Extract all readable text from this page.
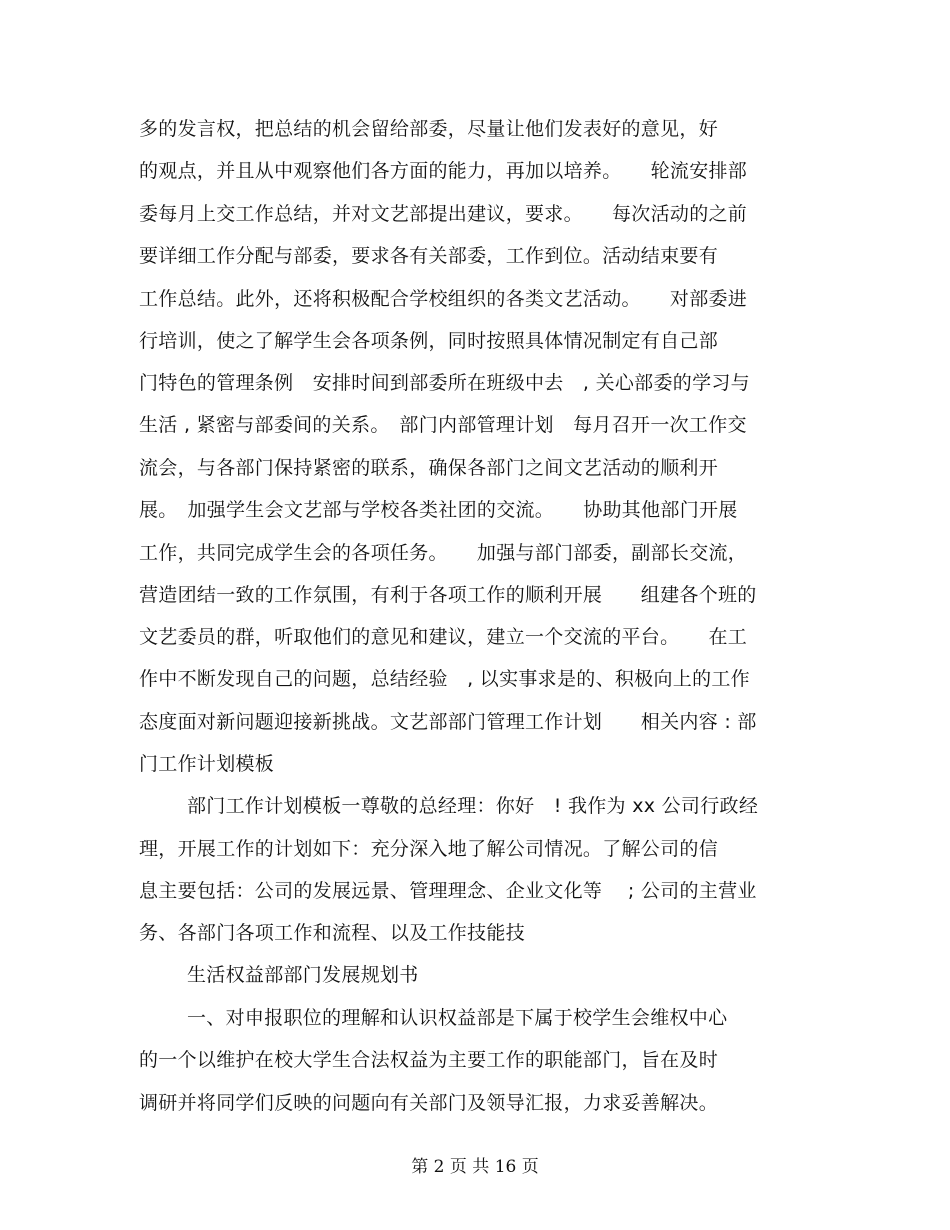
多的发言权，把总结的机会留给部委，尽量让他们发表好的意见，好
的观点，并且从中观察他们各方面的能力，再加以培养。　　轮流安排部
委每月上交工作总结，并对文艺部提出建议，要求。　　每次活动的之前
要详细工作分配与部委，要求各有关部委，工作到位。活动结束要有
工作总结。此外，还将积极配合学校组织的各类文艺活动。　　对部委进
行培训，使之了解学生会各项条例，同时按照具体情况制定有自己部
门特色的管理条例　安排时间到部委所在班级中去　, 关心部委的学习与
生活 , 紧密与部委间的关系。　部门内部管理计划　每月召开一次工作交
流会，与各部门保持紧密的联系，确保各部门之间文艺活动的顺利开
展。　加强学生会文艺部与学校各类社团的交流。　　协助其他部门开展
工作，共同完成学生会的各项任务。　　加强与部门部委，副部长交流，
营造团结一致的工作氛围，有利于各项工作的顺利开展　　组建各个班的
文艺委员的群，听取他们的意见和建议，建立一个交流的平台。　　在工
作中不断发现自己的问题，总结经验　, 以实事求是的、积极向上的工作
态度面对新问题迎接新挑战。文艺部部门管理工作计划　　相关内容 : 部
门工作计划模板
部门工作计划模板一尊敬的总经理：你好　! 我作为 xx 公司行政经
理，开展工作的计划如下：充分深入地了解公司情况。了解公司的信
息主要包括：公司的发展远景、管理理念、企业文化等　 ; 公司的主营业
务、各部门各项工作和流程、以及工作技能技
生活权益部部门发展规划书
一、对申报职位的理解和认识权益部是下属于校学生会维权中心
的一个以维护在校大学生合法权益为主要工作的职能部门，旨在及时
调研并将同学们反映的问题向有关部门及领导汇报，力求妥善解决。
第 2 页 共 16 页
